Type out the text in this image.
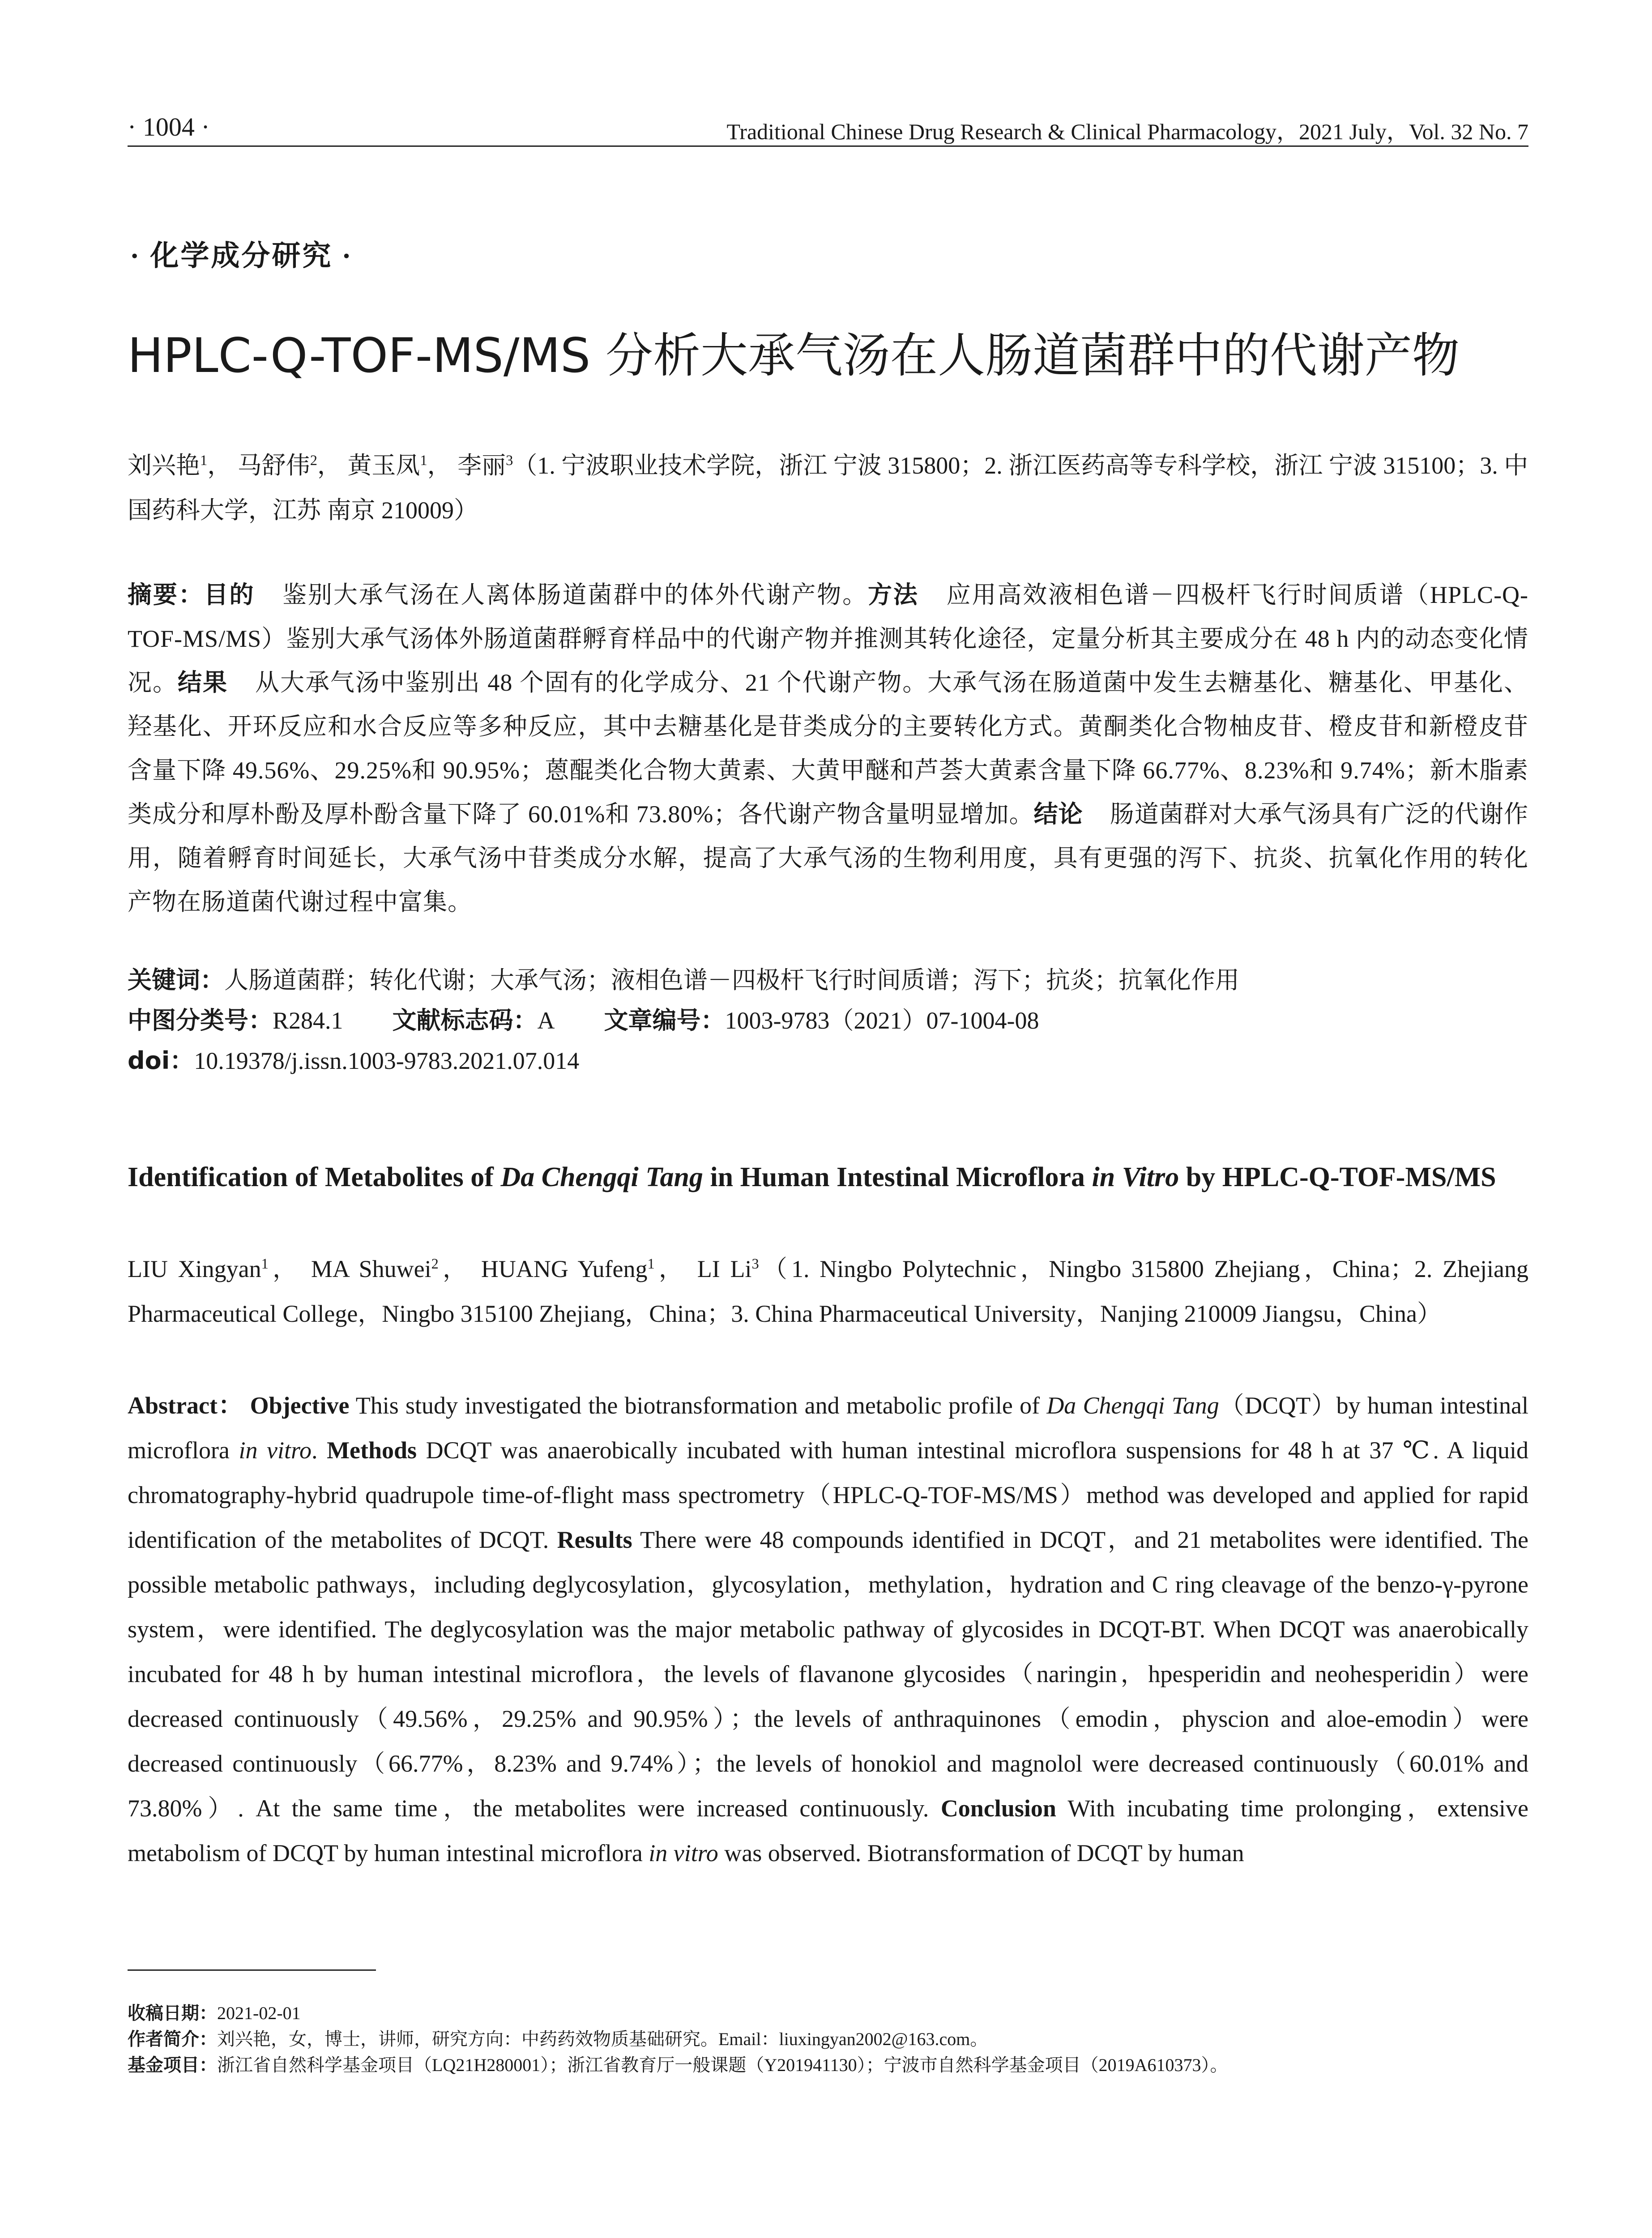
· 1004 ·	Traditional Chinese Drug Research & Clinical Pharmacology，2021 July，Vol. 32 No. 7
· 化学成分研究 ·
HPLC-Q-TOF-MS/MS 分析大承气汤在人肠道菌群中的代谢产物
刘兴艳$^1$， 马舒伟$^2$， 黄玉凤$^1$， 李丽$^3$（1. 宁波职业技术学院，浙江 宁波 315800；2. 浙江医药高等专科学校，浙江 宁波 315100；3. 中国药科大学，江苏 南京 210009）
摘要：目的 鉴别大承气汤在人离体肠道菌群中的体外代谢产物。方法 应用高效液相色谱－四极杆飞行时间质谱（HPLC-Q-TOF-MS/MS）鉴别大承气汤体外肠道菌群孵育样品中的代谢产物并推测其转化途径，定量分析其主要成分在 48 h 内的动态变化情况。结果 从大承气汤中鉴别出 48 个固有的化学成分、21 个代谢产物。大承气汤在肠道菌中发生去糖基化、糖基化、甲基化、羟基化、开环反应和水合反应等多种反应，其中去糖基化是苷类成分的主要转化方式。黄酮类化合物柚皮苷、橙皮苷和新橙皮苷含量下降 49.56%、29.25%和 90.95%；蒽醌类化合物大黄素、大黄甲醚和芦荟大黄素含量下降 66.77%、8.23%和 9.74%；新木脂素类成分和厚朴酚及厚朴酚含量下降了 60.01%和 73.80%；各代谢产物含量明显增加。结论 肠道菌群对大承气汤具有广泛的代谢作用，随着孵育时间延长，大承气汤中苷类成分水解，提高了大承气汤的生物利用度，具有更强的泻下、抗炎、抗氧化作用的转化产物在肠道菌代谢过程中富集。
关键词：人肠道菌群；转化代谢；大承气汤；液相色谱－四极杆飞行时间质谱；泻下；抗炎；抗氧化作用
中图分类号：R284.1 文献标志码：A 文章编号：1003-9783（2021）07-1004-08
doi：10.19378/j.issn.1003-9783.2021.07.014
Identification of Metabolites of Da Chengqi Tang in Human Intestinal Microflora in Vitro by HPLC-Q-TOF-MS/MS
LIU Xingyan$^1$， MA Shuwei$^2$， HUANG Yufeng$^1$， LI Li$^3$（1. Ningbo Polytechnic，Ningbo 315800 Zhejiang，China；2. Zhejiang Pharmaceutical College，Ningbo 315100 Zhejiang，China；3. China Pharmaceutical University，Nanjing 210009 Jiangsu，China）
Abstract： Objective This study investigated the biotransformation and metabolic profile of Da Chengqi Tang（DCQT）by human intestinal microflora in vitro. Methods DCQT was anaerobically incubated with human intestinal microflora suspensions for 48 h at 37 ℃. A liquid chromatography-hybrid quadrupole time-of-flight mass spectrometry（HPLC-Q-TOF-MS/MS）method was developed and applied for rapid identification of the metabolites of DCQT. Results There were 48 compounds identified in DCQT，and 21 metabolites were identified. The possible metabolic pathways，including deglycosylation，glycosylation，methylation，hydration and C ring cleavage of the benzo-γ-pyrone system，were identified. The deglycosylation was the major metabolic pathway of glycosides in DCQT-BT. When DCQT was anaerobically incubated for 48 h by human intestinal microflora，the levels of flavanone glycosides（naringin，hpesperidin and neohesperidin）were decreased continuously（49.56%，29.25% and 90.95%）；the levels of anthraquinones（emodin，physcion and aloe-emodin）were decreased continuously（66.77%，8.23% and 9.74%）；the levels of honokiol and magnolol were decreased continuously（60.01% and 73.80%）. At the same time，the metabolites were increased continuously. Conclusion With incubating time prolonging，extensive metabolism of DCQT by human intestinal microflora in vitro was observed. Biotransformation of DCQT by human
收稿日期：2021-02-01
作者简介：刘兴艳，女，博士，讲师，研究方向：中药药效物质基础研究。Email：liuxingyan2002@163.com。
基金项目：浙江省自然科学基金项目（LQ21H280001）；浙江省教育厅一般课题（Y201941130）；宁波市自然科学基金项目（2019A610373）。
